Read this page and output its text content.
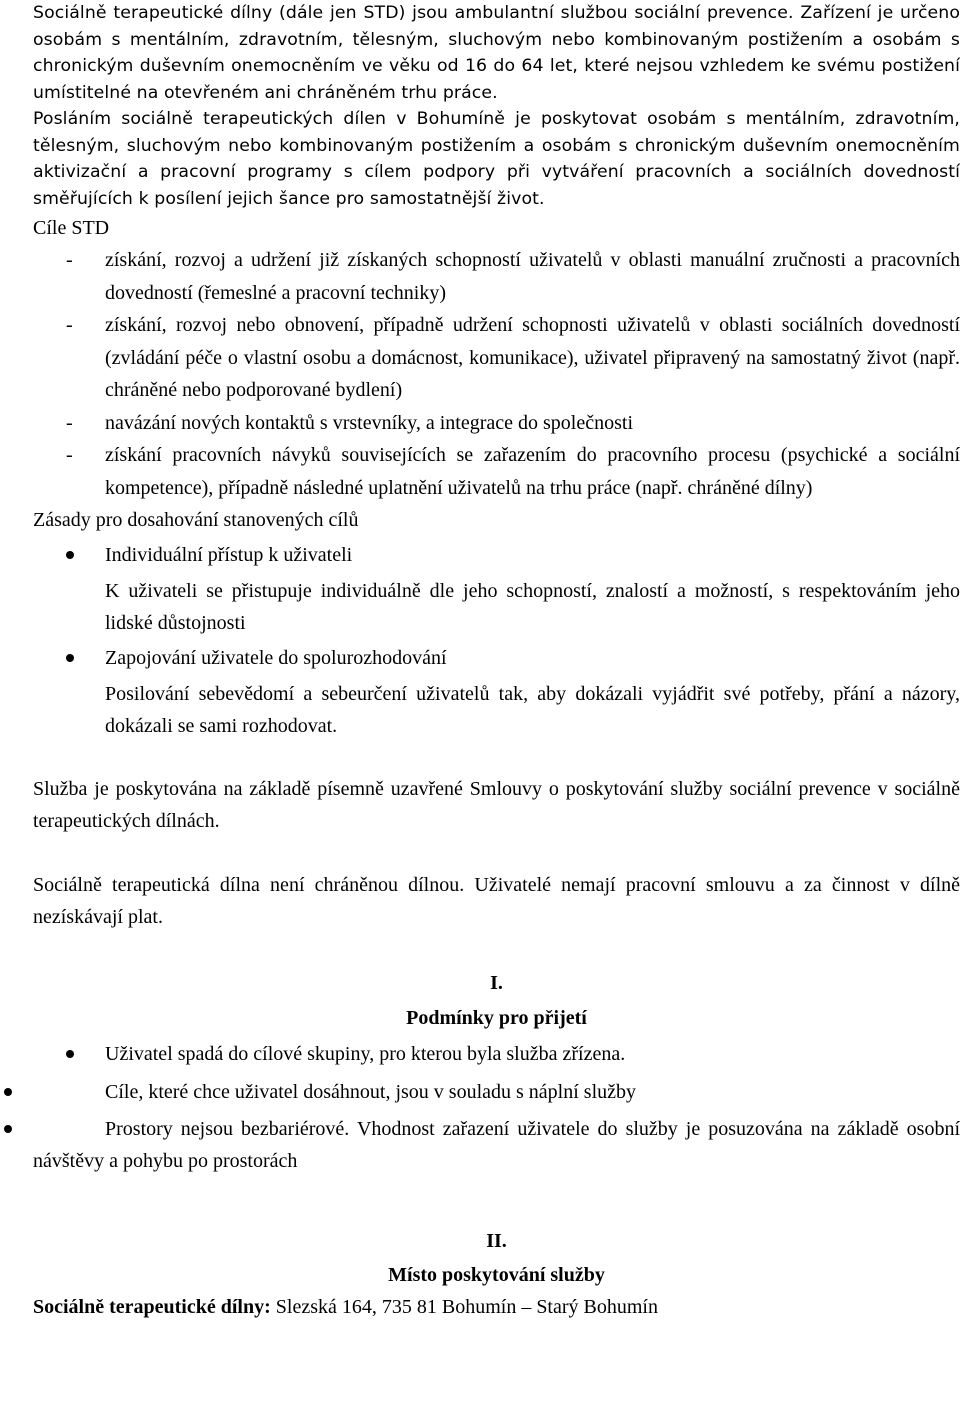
Sociálně terapeutické dílny (dále jen STD) jsou ambulantní službou sociální prevence. Zařízení je určeno osobám s mentálním, zdravotním, tělesným, sluchovým nebo kombinovaným postižením a osobám s chronickým duševním onemocněním ve věku od 16 do 64 let, které nejsou vzhledem ke svému postižení umístitelné na otevřeném ani chráněném trhu práce.

Posláním sociálně terapeutických dílen v Bohumíně je poskytovat osobám s mentálním, zdravotním, tělesným, sluchovým nebo kombinovaným postižením a osobám s chronickým duševním onemocněním aktivizační a pracovní programy s cílem podpory při vytváření pracovních a sociálních dovedností směřujících k posílení jejich šance pro samostatnější život.

Cíle STD

- získání, rozvoj a udržení již získaných schopností uživatelů v oblasti manuální zručnosti a pracovních dovedností (řemeslné a pracovní techniky)
- získání, rozvoj nebo obnovení, případně udržení schopnosti uživatelů v oblasti sociálních dovedností (zvládání péče o vlastní osobu a domácnost, komunikace), uživatel připravený na samostatný život (např. chráněné nebo podporované bydlení)
- navázání nových kontaktů s vrstevníky, a integrace do společnosti
- získání pracovních návyků souvisejících se zařazením do pracovního procesu (psychické a sociální kompetence), případně následné uplatnění uživatelů na trhu práce (např. chráněné dílny)

Zásady pro dosahování stanovených cílů

Individuální přístup k uživateli

K uživateli se přistupuje individuálně dle jeho schopností, znalostí a možností, s respektováním jeho lidské důstojnosti

Zapojování uživatele do spolurozhodování

Posilování sebevědomí a sebeurčení uživatelů tak, aby dokázali vyjádřit své potřeby, přání a názory, dokázali se sami rozhodovat.

Služba je poskytována na základě písemně uzavřené Smlouvy o poskytování služby sociální prevence v sociálně terapeutických dílnách.

Sociálně terapeutická dílna není chráněnou dílnou. Uživatelé nemají pracovní smlouvu a za činnost v dílně nezískávají plat.

I.

Podmínky pro přijetí

Uživatel spadá do cílové skupiny, pro kterou byla služba zřízena.
Cíle, které chce uživatel dosáhnout, jsou v souladu s náplní služby
Prostory nejsou bezbariérové. Vhodnost zařazení uživatele do služby je posuzována na základě osobní návštěvy a pohybu po prostorách

II.

Místo poskytování služby

Sociálně terapeutické dílny: Slezská 164, 735 81 Bohumín – Starý Bohumín
